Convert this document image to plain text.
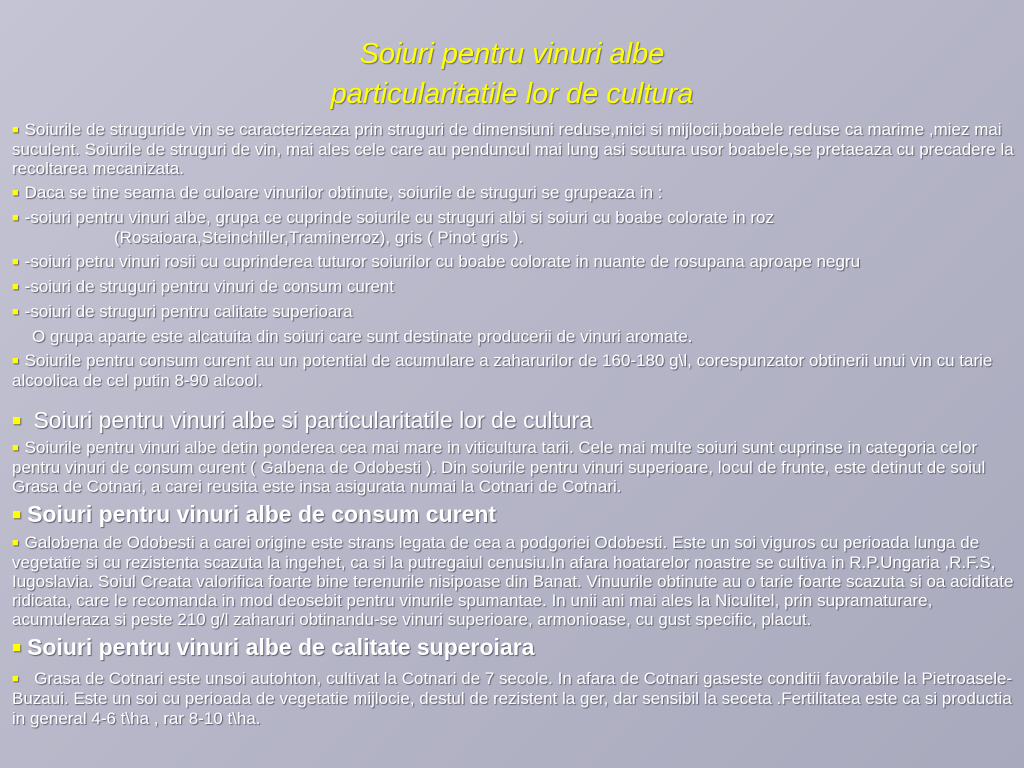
Soiuri pentru vinuri albe
particularitatile lor de cultura
■ Soiurile de struguride vin se caracterizeaza prin struguri de dimensiuni reduse,mici si mijlocii,boabele reduse ca marime ,miez mai suculent. Soiurile de struguri de vin, mai ales cele care au penduncul mai lung asi scutura usor boabele,se pretaeaza cu precadere la recoltarea mecanizata.
■ Daca se tine seama de culoare vinurilor obtinute, soiurile de struguri se grupeaza in :
■ -soiuri pentru vinuri albe, grupa ce cuprinde soiurile cu struguri albi si soiuri cu boabe colorate in roz
(Rosaioara,Steinchiller,Traminerroz), gris ( Pinot gris ).
■ -soiuri petru vinuri rosii cu cuprinderea tuturor soiurilor cu boabe colorate in nuante de rosupana aproape negru
■ -soiuri de struguri pentru vinuri de consum curent
■ -soiuri de struguri pentru calitate superioara
O grupa aparte este alcatuita din soiuri care sunt destinate producerii de vinuri aromate.
■ Soiurile pentru consum curent au un potential de acumulare a zaharurilor de 160-180 g\l, corespunzator obtinerii unui vin cu tarie alcoolica de cel putin 8-90 alcool.
■ Soiuri pentru vinuri albe si particularitatile lor de cultura
■ Soiurile pentru vinuri albe detin ponderea cea mai mare in viticultura tarii. Cele mai multe soiuri sunt cuprinse in categoria celor pentru vinuri de consum curent ( Galbena de Odobesti ). Din soiurile pentru vinuri superioare, locul de frunte, este detinut de soiul Grasa de Cotnari, a carei reusita este insa asigurata numai la Cotnari de Cotnari.
■ Soiuri pentru vinuri albe de consum curent
■ Galobena de Odobesti a carei origine este strans legata de cea a podgoriei Odobesti. Este un soi viguros cu perioada lunga de vegetatie si cu rezistenta scazuta la ingehet, ca si la putregaiul cenusiu.In afara hoatarelor noastre se cultiva in R.P.Ungaria ,R.F.S, Iugoslavia. Soiul Creata valorifica foarte bine terenurile nisipoase din Banat. Vinuurile obtinute au o tarie foarte scazuta si oa aciditate ridicata, care le recomanda in mod deosebit pentru vinurile spumantae. In unii ani mai ales la Niculitel, prin supramaturare, acumuleraza si peste 210 g/l zaharuri obtinandu-se vinuri superioare, armonioase, cu gust specific, placut.
■ Soiuri pentru vinuri albe de calitate superoiara
■ Grasa de Cotnari este unsoi autohton, cultivat la Cotnari de 7 secole. In afara de Cotnari gaseste conditii favorabile la Pietroasele-Buzaui. Este un soi cu perioada de vegetatie mijlocie, destul de rezistent la ger, dar sensibil la seceta .Fertilitatea este ca si productia in general 4-6 t\ha , rar 8-10 t\ha.
